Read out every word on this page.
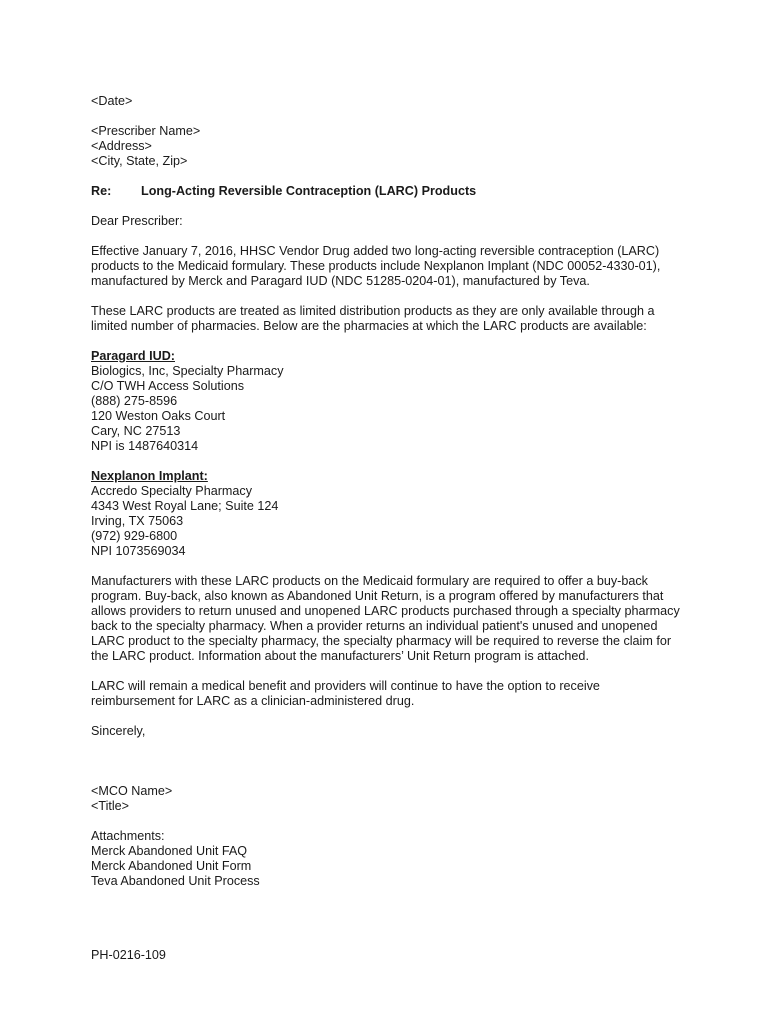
<Date>
<Prescriber Name>
<Address>
<City, State, Zip>
Re:	Long-Acting Reversible Contraception (LARC) Products
Dear Prescriber:
Effective January 7, 2016, HHSC Vendor Drug added two long-acting reversible contraception (LARC)
products to the Medicaid formulary. These products include Nexplanon Implant (NDC 00052-4330-01),
manufactured by Merck and Paragard IUD (NDC 51285-0204-01), manufactured by Teva.
These LARC products are treated as limited distribution products as they are only available through a
limited number of pharmacies. Below are the pharmacies at which the LARC products are available:
Paragard IUD:
Biologics, Inc, Specialty Pharmacy
C/O TWH Access Solutions
(888) 275-8596
120 Weston Oaks Court
Cary, NC 27513
NPI is 1487640314
Nexplanon Implant:
Accredo Specialty Pharmacy
4343 West Royal Lane; Suite 124
Irving, TX 75063
(972) 929-6800
NPI 1073569034
Manufacturers with these LARC products on the Medicaid formulary are required to offer a buy-back
program. Buy-back, also known as Abandoned Unit Return, is a program offered by manufacturers that
allows providers to return unused and unopened LARC products purchased through a specialty pharmacy
back to the specialty pharmacy. When a provider returns an individual patient's unused and unopened
LARC product to the specialty pharmacy, the specialty pharmacy will be required to reverse the claim for
the LARC product. Information about the manufacturers’ Unit Return program is attached.
LARC will remain a medical benefit and providers will continue to have the option to receive
reimbursement for LARC as a clinician-administered drug.
Sincerely,
<MCO Name>
<Title>
Attachments:
Merck Abandoned Unit FAQ
Merck Abandoned Unit Form
Teva Abandoned Unit Process
PH-0216-109
